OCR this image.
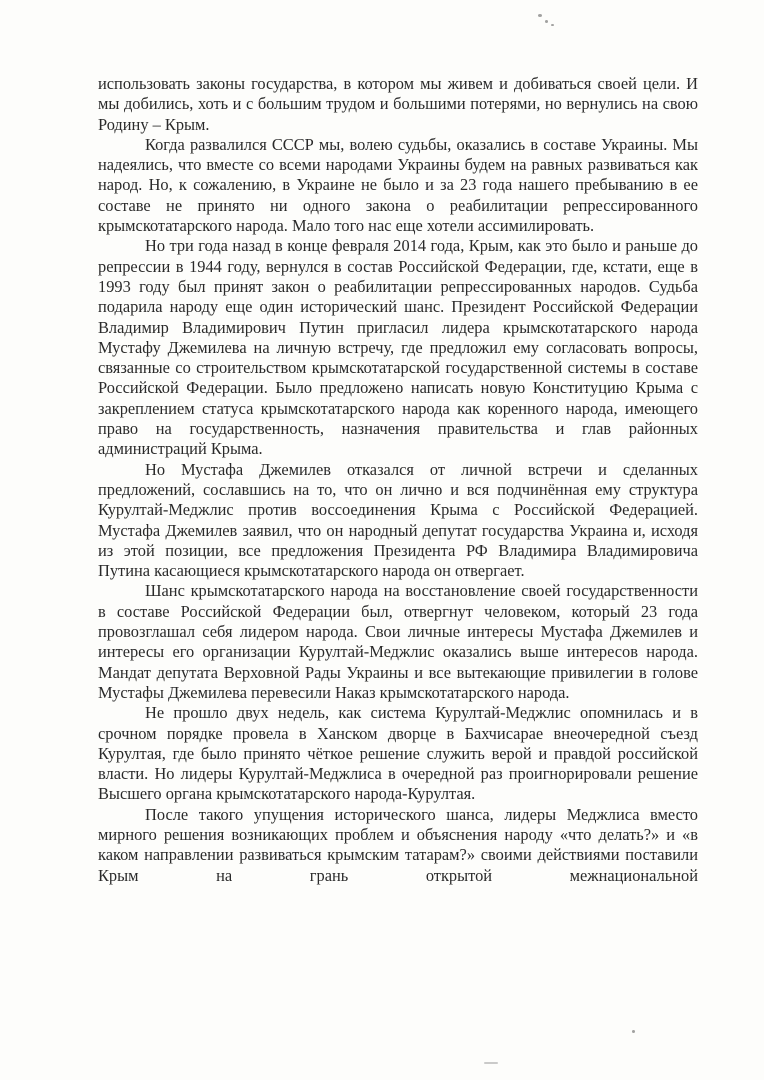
использовать законы государства, в котором мы живем и добиваться своей цели. И мы добились, хоть и с большим трудом и большими потерями, но вернулись на свою Родину – Крым.

Когда развалился СССР мы, волею судьбы, оказались в составе Украины. Мы надеялись, что вместе со всеми народами Украины будем на равных развиваться как народ. Но, к сожалению, в Украине не было и за 23 года нашего пребыванию в ее составе не принято ни одного закона о реабилитации репрессированного крымскотатарского народа. Мало того нас еще хотели ассимилировать.

Но три года назад в конце февраля 2014 года, Крым, как это было и раньше до репрессии в 1944 году, вернулся в состав Российской Федерации, где, кстати, еще в 1993 году был принят закон о реабилитации репрессированных народов. Судьба подарила народу еще один исторический шанс. Президент Российской Федерации Владимир Владимирович Путин пригласил лидера крымскотатарского народа Мустафу Джемилева на личную встречу, где предложил ему согласовать вопросы, связанные со строительством крымскотатарской государственной системы в составе Российской Федерации. Было предложено написать новую Конституцию Крыма с закреплением статуса крымскотатарского народа как коренного народа, имеющего право на государственность, назначения правительства и глав районных администраций Крыма.

Но Мустафа Джемилев отказался от личной встречи и сделанных предложений, сославшись на то, что он лично и вся подчинённая ему структура Курултай-Меджлис против воссоединения Крыма с Российской Федерацией. Мустафа Джемилев заявил, что он народный депутат государства Украина и, исходя из этой позиции, все предложения Президента РФ Владимира Владимировича Путина касающиеся крымскотатарского народа он отвергает.

Шанс крымскотатарского народа на восстановление своей государственности в составе Российской Федерации был, отвергнут человеком, который 23 года провозглашал себя лидером народа. Свои личные интересы Мустафа Джемилев и интересы его организации Курултай-Меджлис оказались выше интересов народа. Мандат депутата Верховной Рады Украины и все вытекающие привилегии в голове Мустафы Джемилева перевесили Наказ крымскотатарского народа.

Не прошло двух недель, как система Курултай-Меджлис опомнилась и в срочном порядке провела в Ханском дворце в Бахчисарае внеочередной съезд Курултая, где было принято чёткое решение служить верой и правдой российской власти. Но лидеры Курултай-Меджлиса в очередной раз проигнорировали решение Высшего органа крымскотатарского народа-Курултая.

После такого упущения исторического шанса, лидеры Меджлиса вместо мирного решения возникающих проблем и объяснения народу «что делать?» и «в каком направлении развиваться крымским татарам?» своими действиями поставили Крым на грань открытой межнациональной
